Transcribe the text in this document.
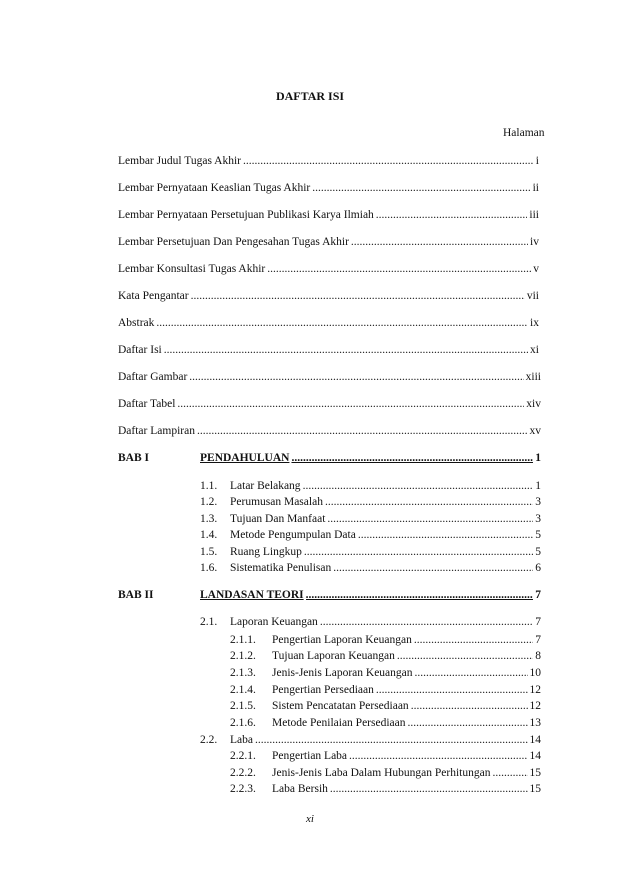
DAFTAR ISI
Halaman
Lembar Judul Tugas Akhir .....	i
Lembar Pernyataan Keaslian Tugas Akhir .....	ii
Lembar Pernyataan Persetujuan Publikasi Karya Ilmiah .....	iii
Lembar Persetujuan Dan Pengesahan Tugas Akhir .....	iv
Lembar Konsultasi Tugas Akhir .....	v
Kata Pengantar .....	vii
Abstrak .....	ix
Daftar Isi .....	xi
Daftar Gambar .....	xiii
Daftar Tabel .....	xiv
Daftar Lampiran .....	xv
BAB I	PENDAHULUAN .....	1
1.1. Latar Belakang .....	1
1.2. Perumusan Masalah .....	3
1.3. Tujuan Dan Manfaat .....	3
1.4. Metode Pengumpulan Data .....	5
1.5. Ruang Lingkup .....	5
1.6. Sistematika Penulisan .....	6
BAB II	LANDASAN TEORI .....	7
2.1. Laporan Keuangan .....	7
2.1.1. Pengertian Laporan Keuangan .....	7
2.1.2. Tujuan Laporan Keuangan .....	8
2.1.3. Jenis-Jenis Laporan Keuangan .....	10
2.1.4. Pengertian Persediaan .....	12
2.1.5. Sistem Pencatatan Persediaan .....	12
2.1.6. Metode Penilaian Persediaan .....	13
2.2. Laba .....	14
2.2.1. Pengertian Laba .....	14
2.2.2. Jenis-Jenis Laba Dalam Hubungan Perhitungan .....	15
2.2.3. Laba Bersih .....	15
xi
